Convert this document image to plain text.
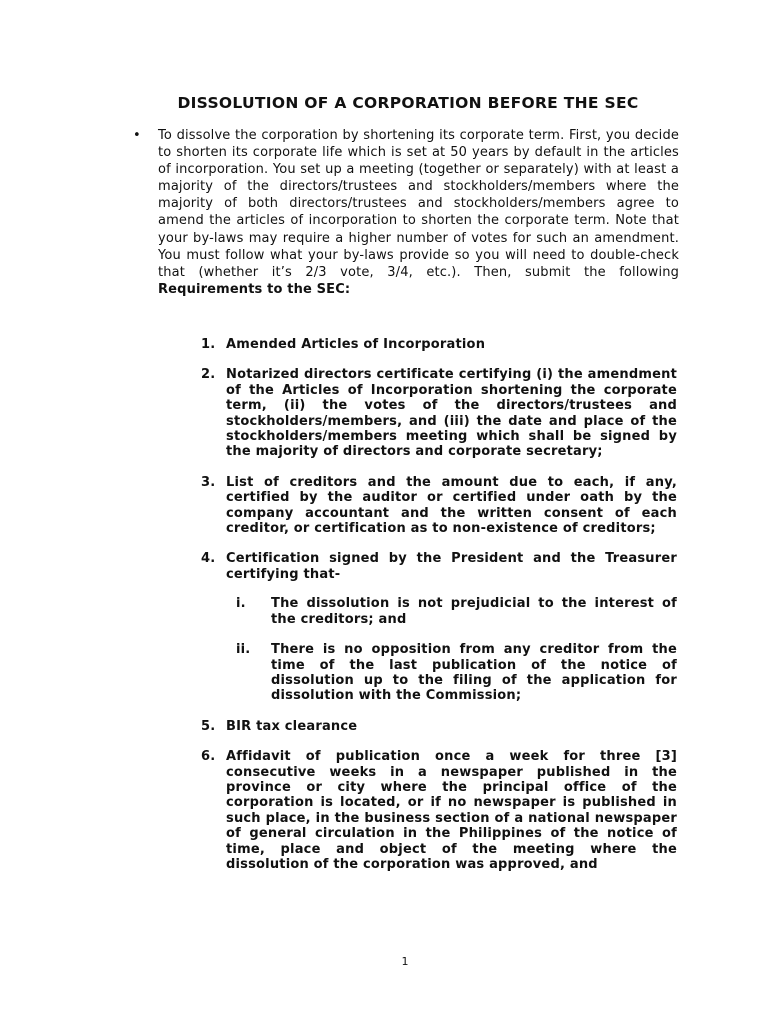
DISSOLUTION OF A CORPORATION BEFORE THE SEC
• To dissolve the corporation by shortening its corporate term. First, you decide to shorten its corporate life which is set at 50 years by default in the articles of incorporation. You set up a meeting (together or separately) with at least a majority of the directors/trustees and stockholders/members where the majority of both directors/trustees and stockholders/members agree to amend the articles of incorporation to shorten the corporate term. Note that your by-laws may require a higher number of votes for such an amendment. You must follow what your by-laws provide so you will need to double-check that (whether it’s 2/3 vote, 3/4, etc.). Then, submit the following Requirements to the SEC:
1. Amended Articles of Incorporation
2. Notarized directors certificate certifying (i) the amendment of the Articles of Incorporation shortening the corporate term, (ii) the votes of the directors/trustees and stockholders/members, and (iii) the date and place of the stockholders/members meeting which shall be signed by the majority of directors and corporate secretary;
3. List of creditors and the amount due to each, if any, certified by the auditor or certified under oath by the company accountant and the written consent of each creditor, or certification as to non-existence of creditors;
4. Certification signed by the President and the Treasurer certifying that-
i. The dissolution is not prejudicial to the interest of the creditors; and
ii. There is no opposition from any creditor from the time of the last publication of the notice of dissolution up to the filing of the application for dissolution with the Commission;
5. BIR tax clearance
6. Affidavit of publication once a week for three [3] consecutive weeks in a newspaper published in the province or city where the principal office of the corporation is located, or if no newspaper is published in such place, in the business section of a national newspaper of general circulation in the Philippines of the notice of time, place and object of the meeting where the dissolution of the corporation was approved, and
1
